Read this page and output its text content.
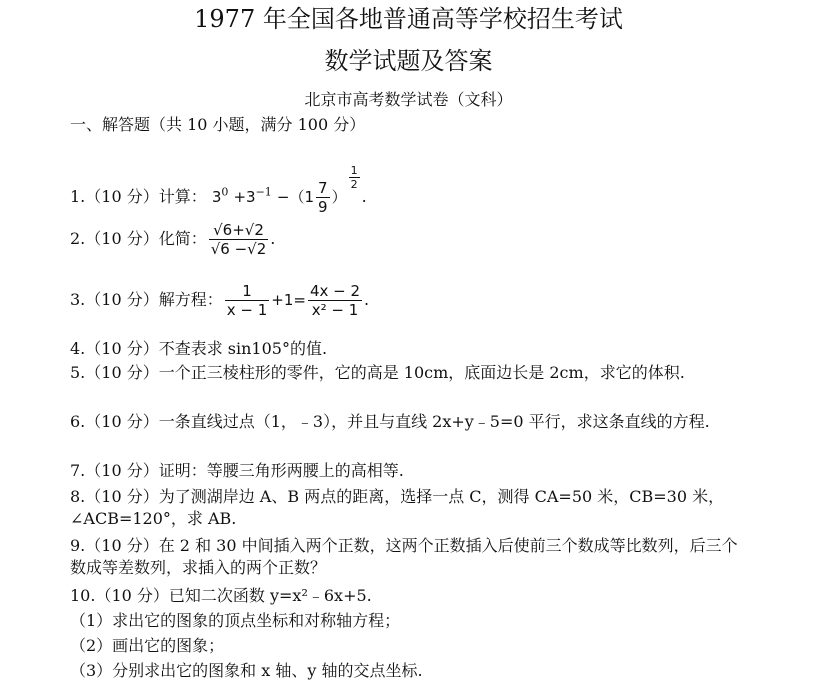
1977 年全国各地普通高等学校招生考试
数学试题及答案
北京市高考数学试卷（文科）
一、解答题（共 10 小题，满分 100 分）
1.（10 分）计算： $3^0 +3^{-1} -(1 \frac{7}{9}$ ）
$\frac{1}{2}$
.
2.（10 分）化简： $\frac{√6+√2}{√6 -√2}$ .
3.（10 分）解方程： $\frac{1}{x - 1} +1= \frac{4x - 2}{\text{x² − 1}}$ .
4.（10 分）不查表求 sin105°的值.
5.（10 分）一个正三棱柱形的零件，它的高是 10cm，底面边长是 2cm，求它的体积.
6.（10 分）一条直线过点（1，﹣3），并且与直线 2x+y﹣5=0 平行，求这条直线的方程.
7.（10 分）证明：等腰三角形两腰上的高相等.
8.（10 分）为了测湖岸边 A、B 两点的距离，选择一点 C，测得 CA=50 米，CB=30 米，∠ACB=120°，求 AB.
9.（10 分）在 2 和 30 中间插入两个正数，这两个正数插入后使前三个数成等比数列，后三个数成等差数列，求插入的两个正数？
10.（10 分）已知二次函数 y=x²﹣6x+5.
（1）求出它的图象的顶点坐标和对称轴方程；
（2）画出它的图象；
（3）分别求出它的图象和 x 轴、y 轴的交点坐标.
